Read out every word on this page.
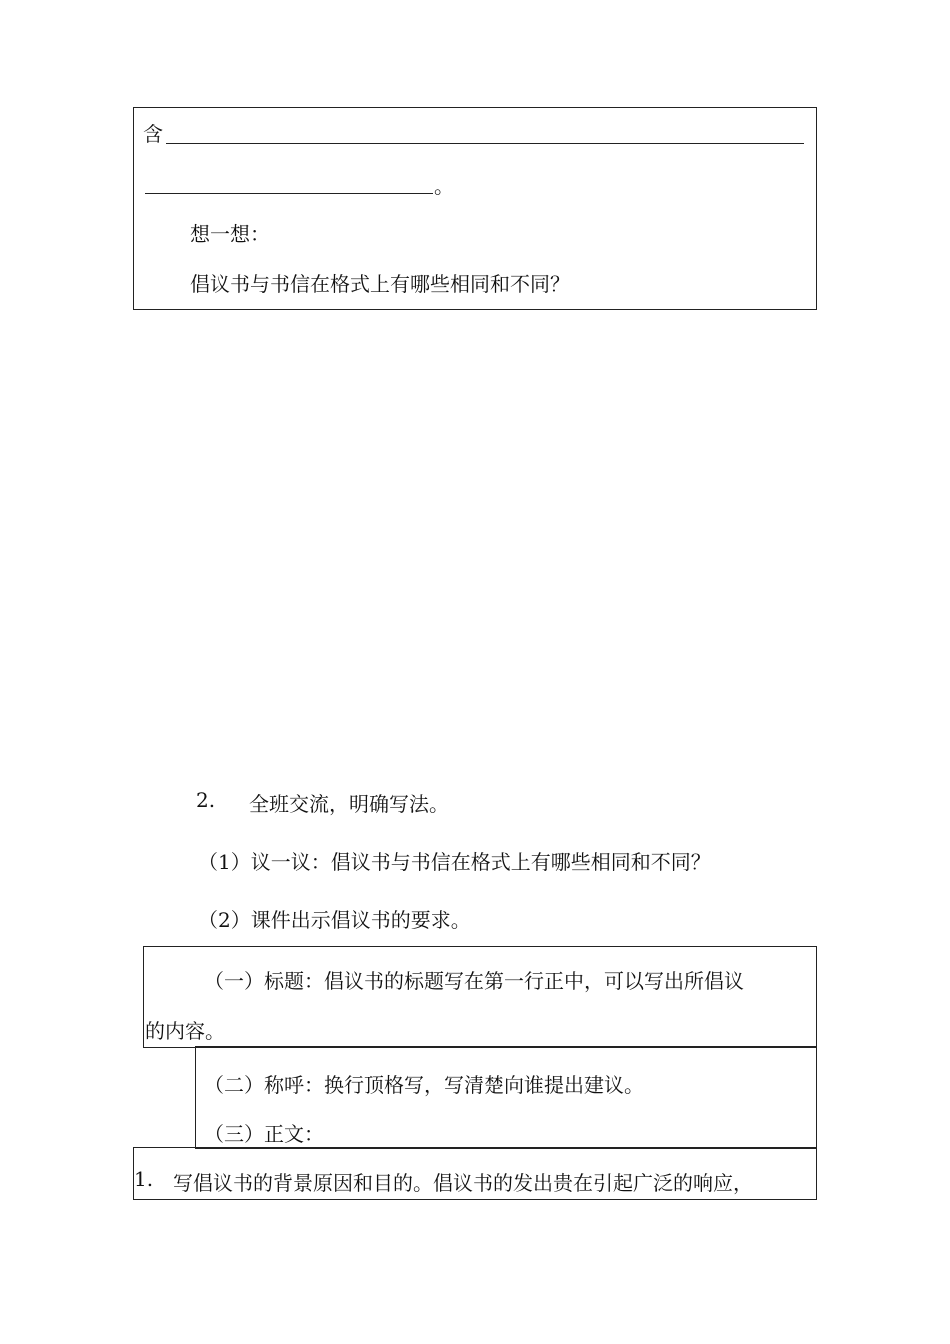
含
。
想一想：
倡议书与书信在格式上有哪些相同和不同？
2. 全班交流，明确写法。
（1）议一议：倡议书与书信在格式上有哪些相同和不同？
（2）课件出示倡议书的要求。
（一）标题：倡议书的标题写在第一行正中，可以写出所倡议
的内容。
（二）称呼：换行顶格写，写清楚向谁提出建议。
（三）正文：
1. 写倡议书的背景原因和目的。倡议书的发出贵在引起广泛的响应，
